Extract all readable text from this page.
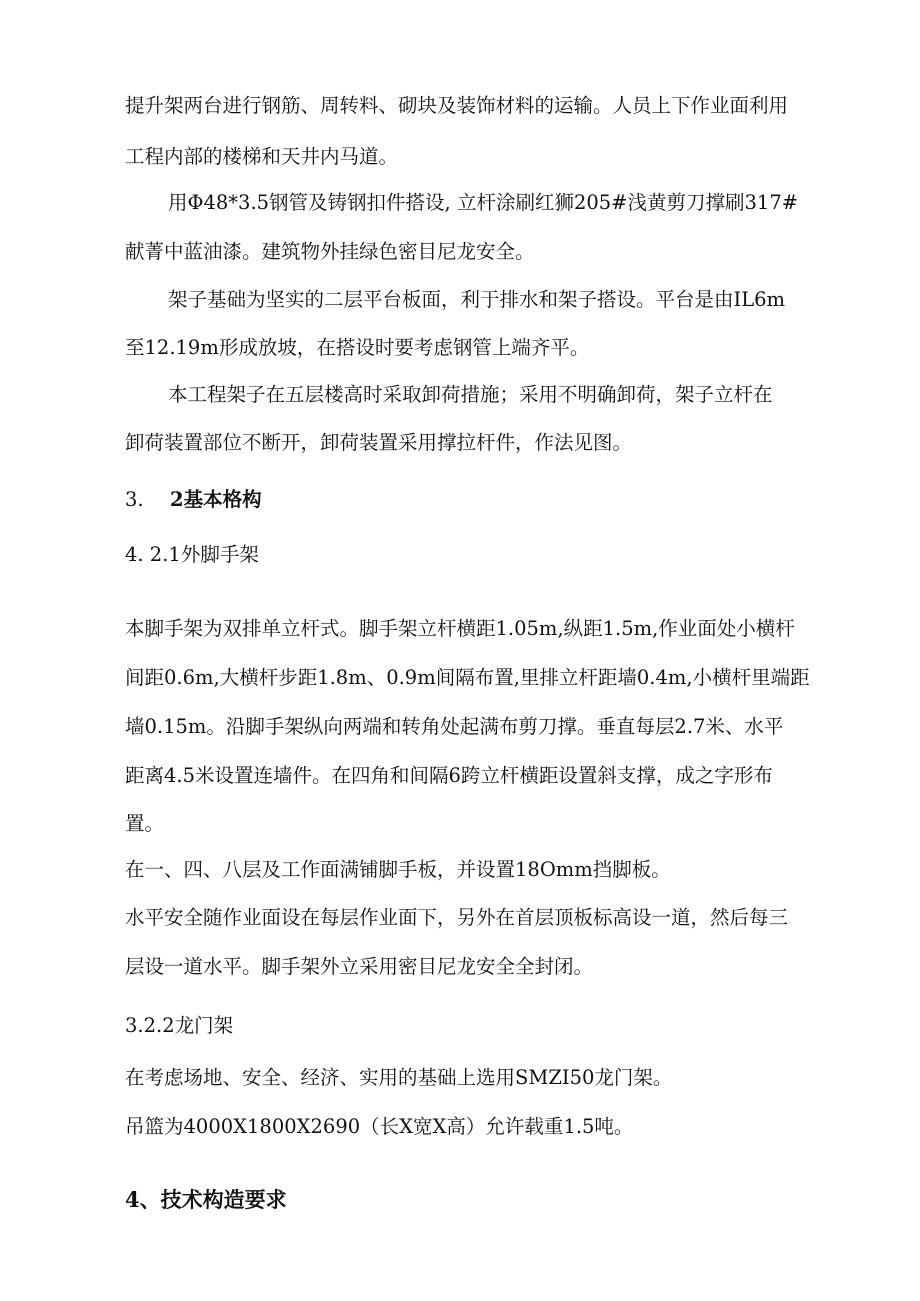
提升架两台进行钢筋、周转料、砌块及装饰材料的运输。人员上下作业面利用
工程内部的楼梯和天井内马道。
用Φ48*3.5钢管及铸钢扣件搭设, 立杆涂刷红狮205#浅黄剪刀撑刷317#
献菁中蓝油漆。建筑物外挂绿色密目尼龙安全。
架子基础为坚实的二层平台板面，利于排水和架子搭设。平台是由IL6m
至12.19m形成放坡，在搭设时要考虑钢管上端齐平。
本工程架子在五层楼高时采取卸荷措施；采用不明确卸荷，架子立杆在
卸荷装置部位不断开，卸荷装置采用撑拉杆件，作法见图。
3. 2基本格构
4. 2.1外脚手架
本脚手架为双排单立杆式。脚手架立杆横距1.05m,纵距1.5m,作业面处小横杆
间距0.6m,大横杆步距1.8m、0.9m间隔布置,里排立杆距墙0.4m,小横杆里端距
墙0.15m。沿脚手架纵向两端和转角处起满布剪刀撑。垂直每层2.7米、水平
距离4.5米设置连墙件。在四角和间隔6跨立杆横距设置斜支撑，成之字形布
置。
在一、四、八层及工作面满铺脚手板，并设置18Omm挡脚板。
水平安全随作业面设在每层作业面下，另外在首层顶板标高设一道，然后每三
层设一道水平。脚手架外立采用密目尼龙安全全封闭。
3.2.2龙门架
在考虑场地、安全、经济、实用的基础上选用SMZI50龙门架。
吊篮为4000X1800X2690（长X宽X高）允许载重1.5吨。
4、技术构造要求
